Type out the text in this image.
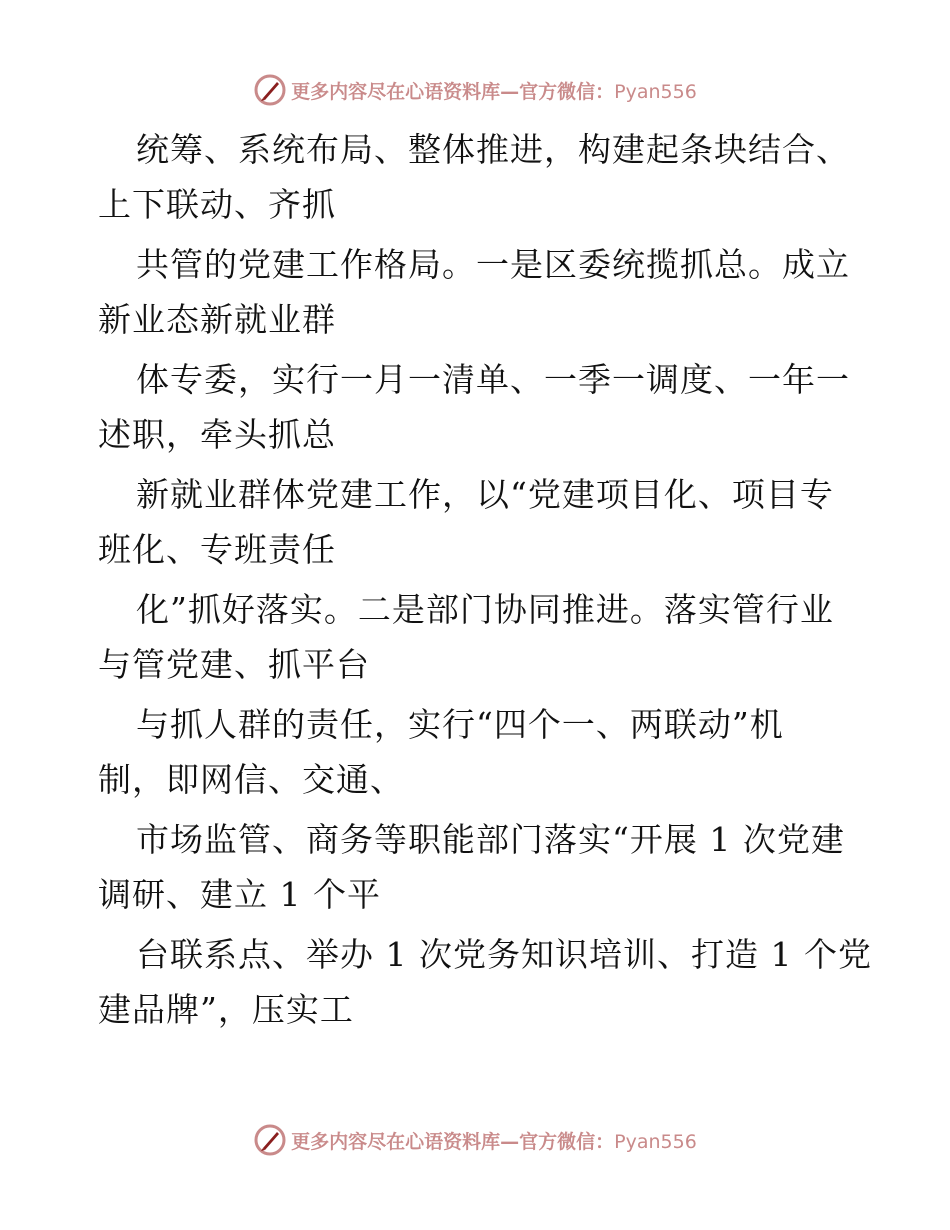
更多内容尽在心语资料库—官方微信：Pyan556
统筹、系统布局、整体推进，构建起条块结合、
上下联动、齐抓
共管的党建工作格局。一是区委统揽抓总。成立
新业态新就业群
体专委，实行一月一清单、一季一调度、一年一
述职，牵头抓总
新就业群体党建工作，以“党建项目化、项目专
班化、专班责任
化”抓好落实。二是部门协同推进。落实管行业
与管党建、抓平台
与抓人群的责任，实行“四个一、两联动”机
制，即网信、交通、
市场监管、商务等职能部门落实“开展 1 次党建
调研、建立 1 个平
台联系点、举办 1 次党务知识培训、打造 1 个党
建品牌”，压实工
更多内容尽在心语资料库—官方微信：Pyan556
